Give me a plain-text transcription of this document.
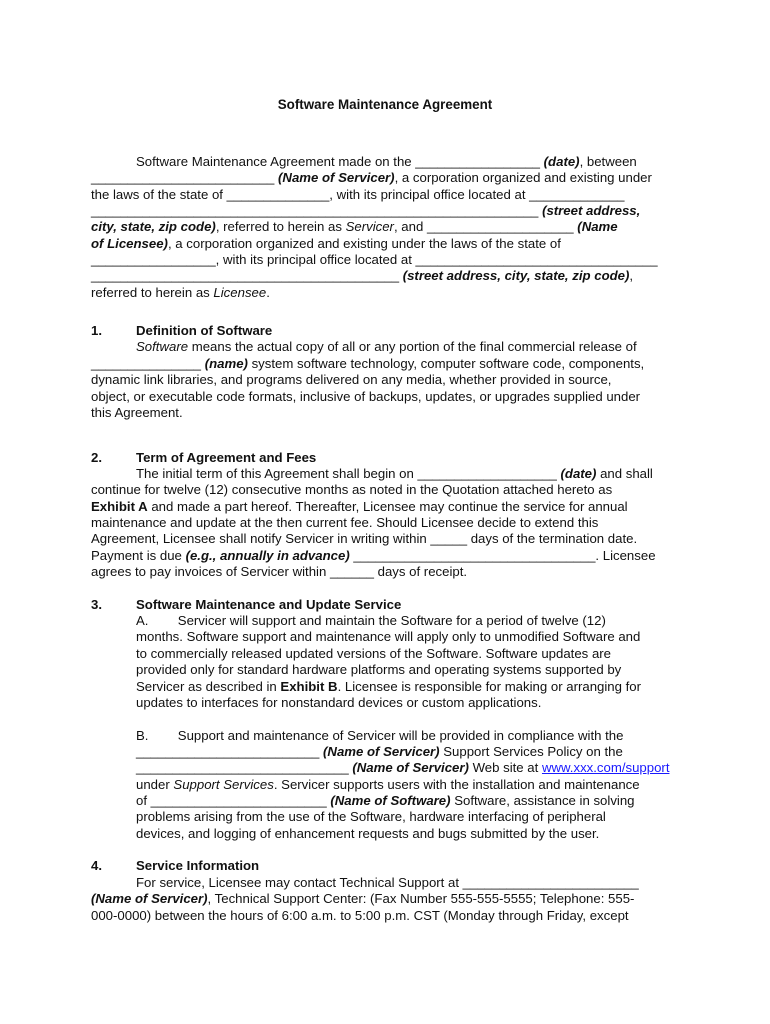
Software Maintenance Agreement
Software Maintenance Agreement made on the _________________ (date), between
_________________________ (Name of Servicer), a corporation organized and existing under
the laws of the state of ______________, with its principal office located at _____________
_____________________________________________________________ (street address,
city, state, zip code), referred to herein as Servicer, and ____________________ (Name
of Licensee), a corporation organized and existing under the laws of the state of
_________________, with its principal office located at _________________________________
__________________________________________ (street address, city, state, zip code),
referred to herein as Licensee.
1.	Definition of Software
Software means the actual copy of all or any portion of the final commercial release of
_______________ (name) system software technology, computer software code, components,
dynamic link libraries, and programs delivered on any media, whether provided in source,
object, or executable code formats, inclusive of backups, updates, or upgrades supplied under
this Agreement.
2.	Term of Agreement and Fees
The initial term of this Agreement shall begin on ___________________ (date) and shall
continue for twelve (12) consecutive months as noted in the Quotation attached hereto as
Exhibit A and made a part hereof. Thereafter, Licensee may continue the service for annual
maintenance and update at the then current fee. Should Licensee decide to extend this
Agreement, Licensee shall notify Servicer in writing within _____ days of the termination date.
Payment is due (e.g., annually in advance) _________________________________. Licensee
agrees to pay invoices of Servicer within ______ days of receipt.
3.	Software Maintenance and Update Service
A.        Servicer will support and maintain the Software for a period of twelve (12)
months. Software support and maintenance will apply only to unmodified Software and
to commercially released updated versions of the Software. Software updates are
provided only for standard hardware platforms and operating systems supported by
Servicer as described in Exhibit B. Licensee is responsible for making or arranging for
updates to interfaces for nonstandard devices or custom applications.
B.        Support and maintenance of Servicer will be provided in compliance with the
_________________________ (Name of Servicer) Support Services Policy on the
_____________________________ (Name of Servicer) Web site at www.xxx.com/support
under Support Services. Servicer supports users with the installation and maintenance
of ________________________ (Name of Software) Software, assistance in solving
problems arising from the use of the Software, hardware interfacing of peripheral
devices, and logging of enhancement requests and bugs submitted by the user.
4.	Service Information
For service, Licensee may contact Technical Support at ________________________
(Name of Servicer), Technical Support Center: (Fax Number 555-555-5555; Telephone: 555-
000-0000) between the hours of 6:00 a.m. to 5:00 p.m. CST (Monday through Friday, except
